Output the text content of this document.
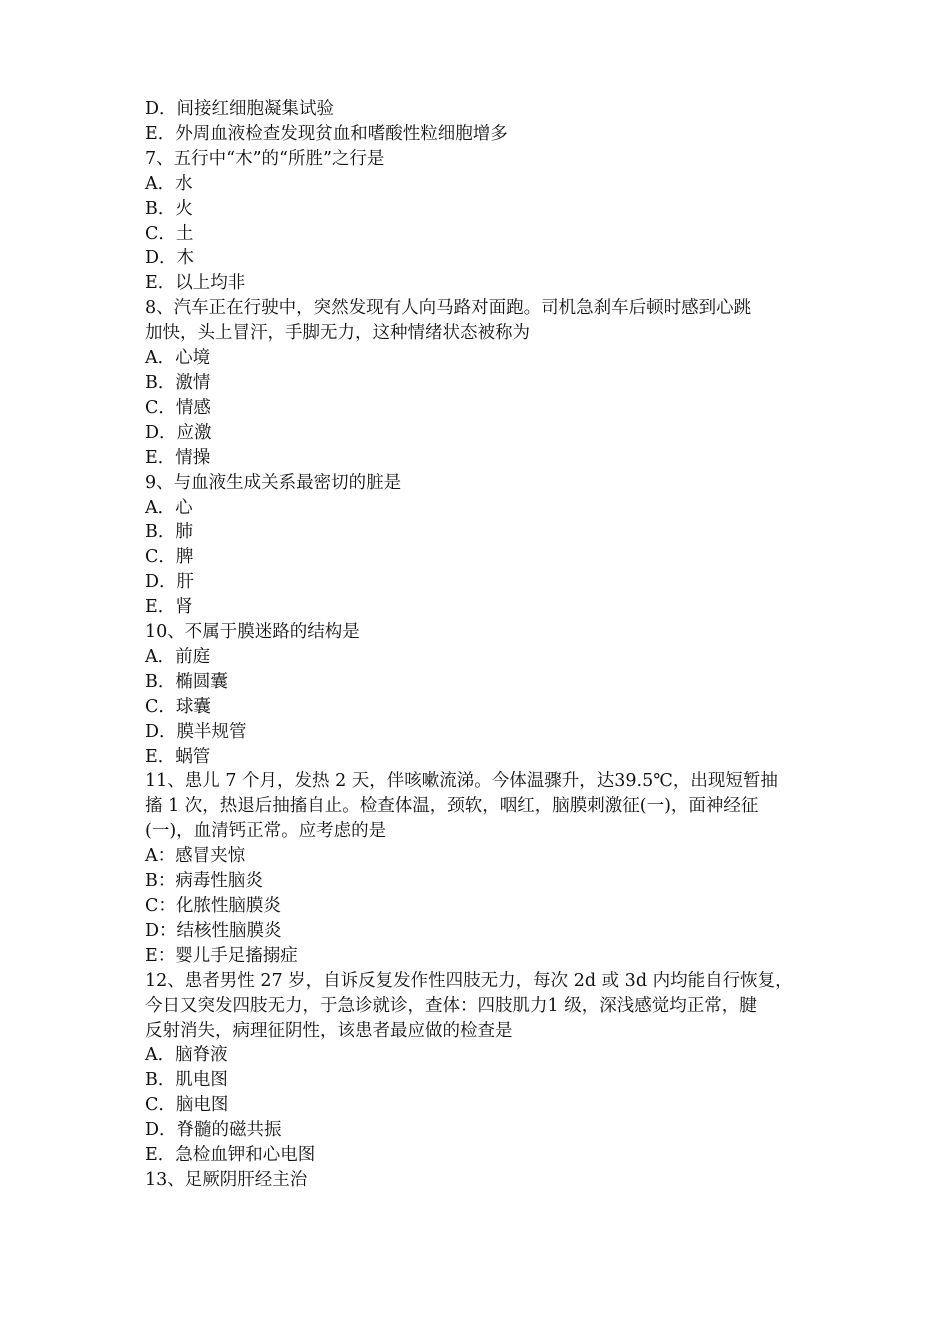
D．间接红细胞凝集试验

E．外周血液检查发现贫血和嗜酸性粒细胞增多

7、五行中“木”的“所胜”之行是

A．水

B．火

C．土

D．木

E．以上均非

8、汽车正在行驶中，突然发现有人向马路对面跑。司机急刹车后顿时感到心跳

加快，头上冒汗，手脚无力，这种情绪状态被称为

A．心境

B．激情

C．情感

D．应激

E．情操

9、与血液生成关系最密切的脏是

A．心

B．肺

C．脾

D．肝

E．肾

10、不属于膜迷路的结构是

A．前庭

B．椭圆囊

C．球囊

D．膜半规管

E．蜗管

11、患儿 7 个月，发热 2 天，伴咳嗽流涕。今体温骤升，达39.5℃，出现短暂抽

搐 1 次，热退后抽搐自止。检查体温，颈软，咽红，脑膜刺激征(一)，面神经征

(一)，血清钙正常。应考虑的是

A：感冒夹惊

B：病毒性脑炎

C：化脓性脑膜炎

D：结核性脑膜炎

E：婴儿手足搐搦症

12、患者男性 27 岁，自诉反复发作性四肢无力，每次 2d 或 3d 内均能自行恢复，

今日又突发四肢无力，于急诊就诊，查体：四肢肌力1 级，深浅感觉均正常，腱

反射消失，病理征阴性，该患者最应做的检查是

A．脑脊液

B．肌电图

C．脑电图

D．脊髓的磁共振

E．急检血钾和心电图

13、足厥阴肝经主治
